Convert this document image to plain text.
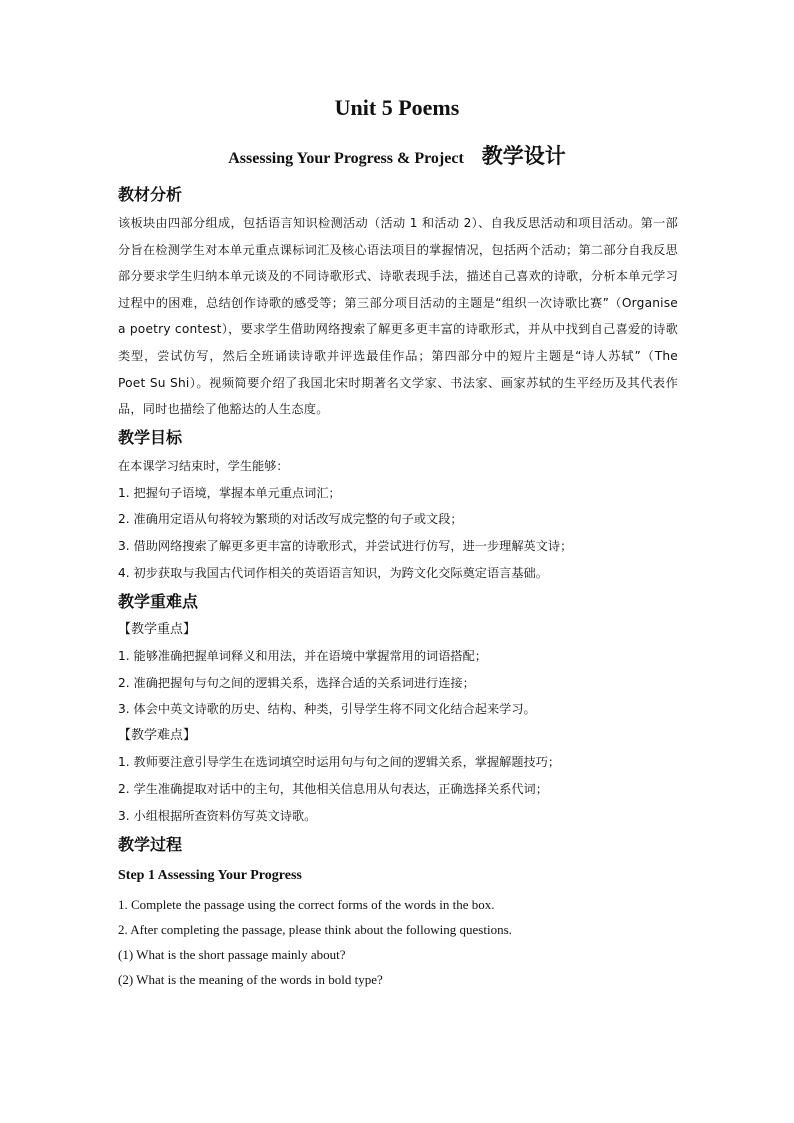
Unit 5 Poems
Assessing Your Progress & Project 教学设计
教材分析
该板块由四部分组成，包括语言知识检测活动（活动 1 和活动 2）、自我反思活动和项目活动。第一部分旨在检测学生对本单元重点课标词汇及核心语法项目的掌握情况，包括两个活动；第二部分自我反思部分要求学生归纳本单元谈及的不同诗歌形式、诗歌表现手法，描述自己喜欢的诗歌，分析本单元学习过程中的困难，总结创作诗歌的感受等；第三部分项目活动的主题是“组织一次诗歌比赛”（Organise a poetry contest），要求学生借助网络搜索了解更多更丰富的诗歌形式，并从中找到自己喜爱的诗歌类型，尝试仿写，然后全班诵读诗歌并评选最佳作品；第四部分中的短片主题是“诗人苏轼”（The Poet Su Shi）。视频简要介绍了我国北宋时期著名文学家、书法家、画家苏轼的生平经历及其代表作品，同时也描绘了他豁达的人生态度。
教学目标
在本课学习结束时，学生能够：
1. 把握句子语境，掌握本单元重点词汇；
2. 准确用定语从句将较为繁琐的对话改写成完整的句子或文段；
3. 借助网络搜索了解更多更丰富的诗歌形式，并尝试进行仿写，进一步理解英文诗；
4. 初步获取与我国古代词作相关的英语语言知识，为跨文化交际奠定语言基础。
教学重难点
【教学重点】
1. 能够准确把握单词释义和用法，并在语境中掌握常用的词语搭配；
2. 准确把握句与句之间的逻辑关系，选择合适的关系词进行连接；
3. 体会中英文诗歌的历史、结构、种类，引导学生将不同文化结合起来学习。
【教学难点】
1. 教师要注意引导学生在选词填空时运用句与句之间的逻辑关系，掌握解题技巧；
2. 学生准确提取对话中的主句，其他相关信息用从句表达，正确选择关系代词；
3. 小组根据所查资料仿写英文诗歌。
教学过程
Step 1 Assessing Your Progress
1. Complete the passage using the correct forms of the words in the box.
2. After completing the passage, please think about the following questions.
(1) What is the short passage mainly about?
(2) What is the meaning of the words in bold type?
